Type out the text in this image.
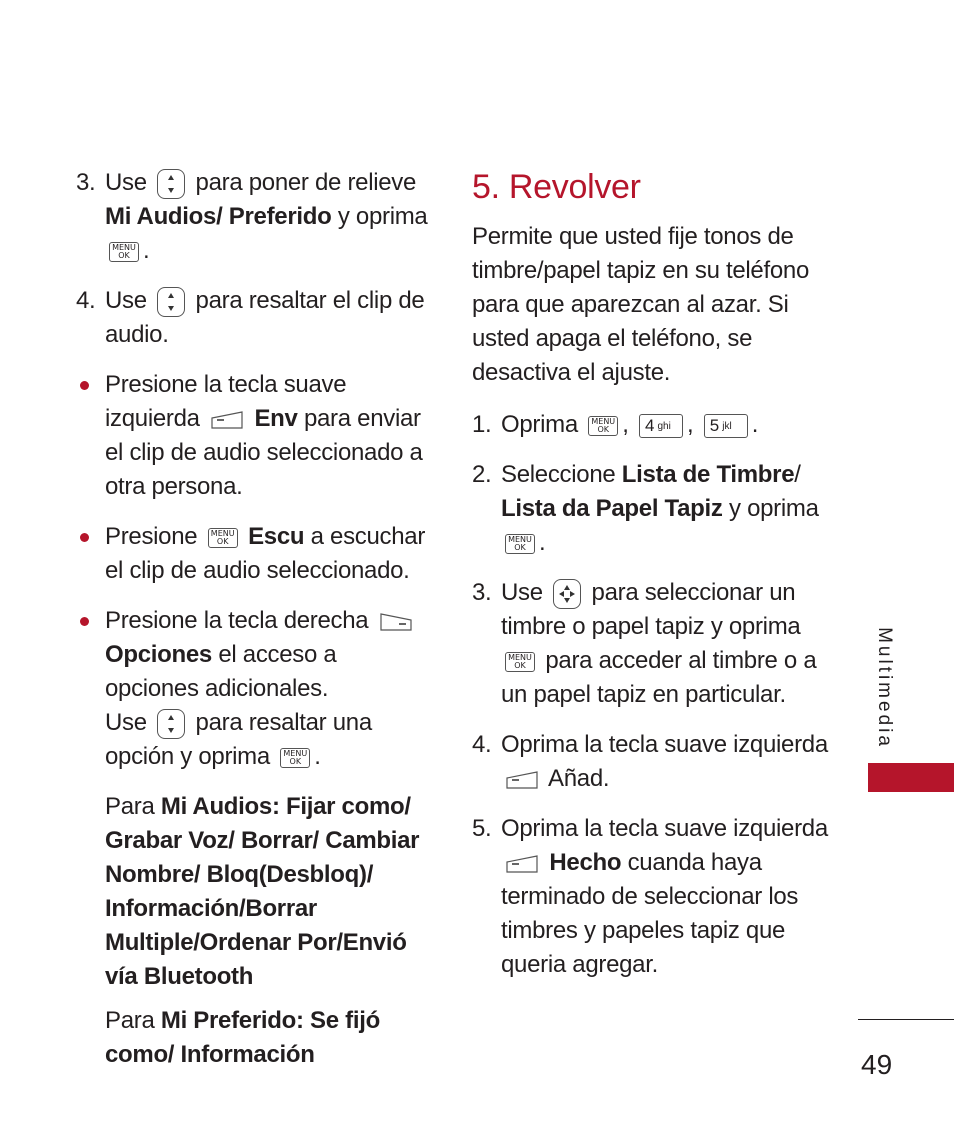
3. Use para poner de relieve Mi Audios/ Preferido y oprima MENU
OK .
4. Use para resaltar el clip de audio.
Presione la tecla suave izquierda Env para enviar el clip de audio seleccionado a otra persona.
Presione MENU
OK Escu a escuchar el clip de audio seleccionado.
Presione la tecla derecha
Opciones el acceso a opciones adicionales.
Use para resaltar una opción y oprima MENU
OK .
Para Mi Audios: Fijar como/ Grabar Voz/ Borrar/ Cambiar Nombre/ Bloq(Desbloq)/ Información/Borrar Multiple/Ordenar Por/Envió vía Bluetooth
Para Mi Preferido: Se fijó como/ Información
5. Revolver
Permite que usted fije tonos de timbre/papel tapiz en su teléfono para que aparezcan al azar. Si usted apaga el teléfono, se desactiva el ajuste.
1. Oprima MENU
OK , 4 ghi , 5 jkl .
2. Seleccione Lista de Timbre/ Lista da Papel Tapiz y oprima
MENU
OK .
3. Use para seleccionar un timbre o papel tapiz y oprima MENU
OK para acceder al timbre o a un papel tapiz en particular.
4. Oprima la tecla suave izquierda

Añad.
5. Oprima la tecla suave izquierda

Hecho cuanda haya terminado de seleccionar los timbres y papeles tapiz que queria agregar.
Multimedia
49
